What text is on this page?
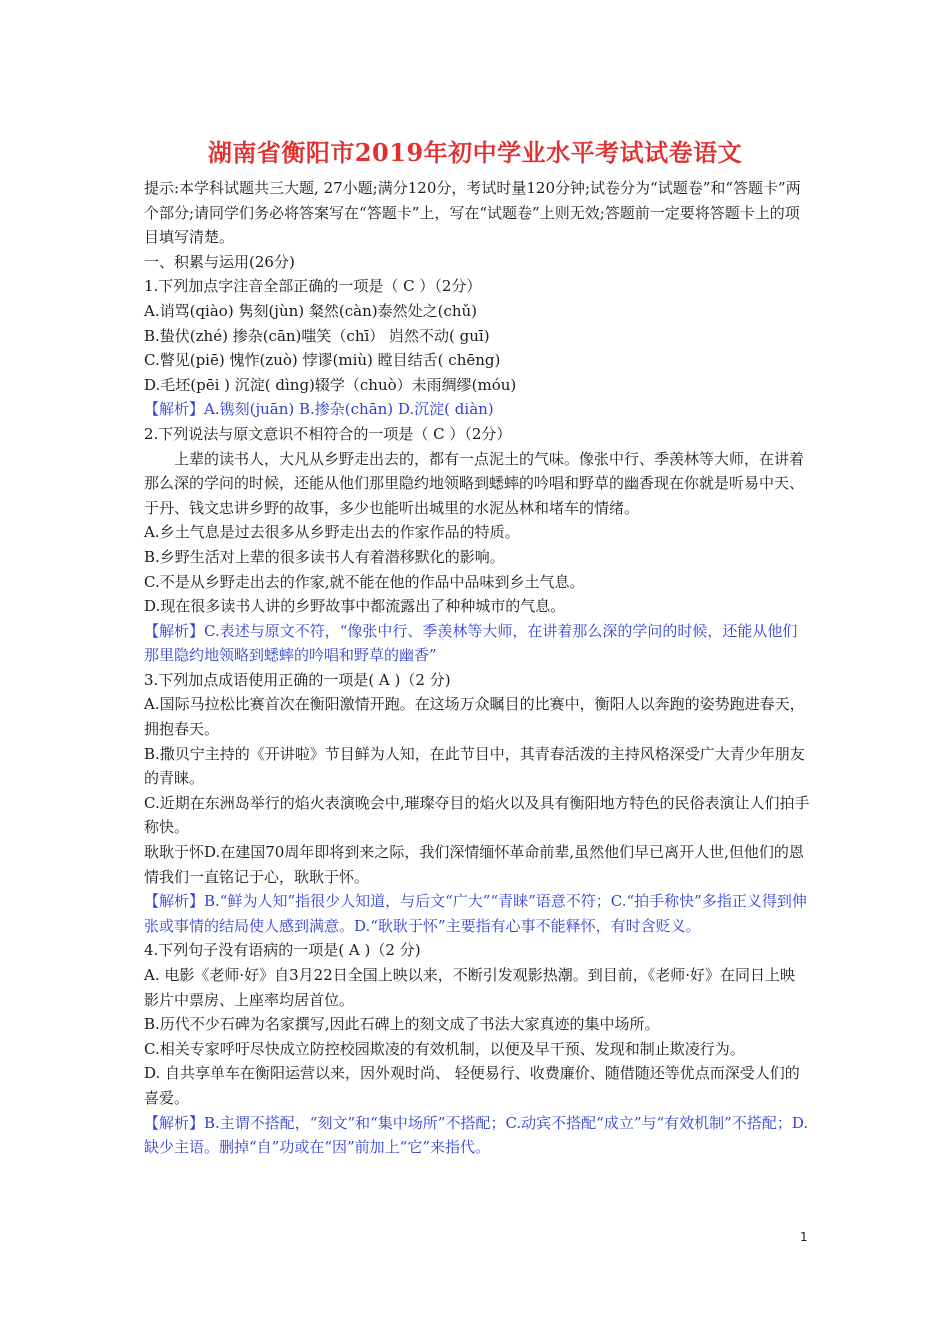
湖南省衡阳市2019年初中学业水平考试试卷语文

提示:本学科试题共三大题, 27小题;满分120分，考试时量120分钟;试卷分为“试题卷”和“答题卡”两个部分;请同学们务必将答案写在“答题卡”上，写在“试题卷”上则无效;答题前一定要将答题卡上的项目填写清楚。

一、积累与运用(26分)

1.下列加点字注音全部正确的一项是（ C ）（2分）

A.诮骂(qiào) 隽刻(jùn) 粲然(càn)泰然处之(chǔ)

B.蛰伏(zhé) 掺杂(cān)嗤笑（chī） 岿然不动( guī)

C.瞥见(piē) 愧怍(zuò) 悖谬(miù) 瞠目结舌( chēng)

D.毛坯(pēi ) 沉淀( dìng)辍学（chuò）未雨绸缪(móu)

【解析】A.镌刻(juān) B.掺杂(chān) D.沉淀( diàn)

2.下列说法与原文意识不相符合的一项是（ C ）（2分）

上辈的读书人，大凡从乡野走出去的，都有一点泥土的气味。像张中行、季羡林等大师，在讲着那么深的学问的时候，还能从他们那里隐约地领略到蟋蟀的吟唱和野草的幽香现在你就是听易中天、于丹、钱文忠讲乡野的故事，多少也能听出城里的水泥丛林和堵车的情绪。

A.乡土气息是过去很多从乡野走出去的作家作品的特质。

B.乡野生活对上辈的很多读书人有着潜移默化的影响。

C.不是从乡野走出去的作家,就不能在他的作品中品味到乡土气息。

D.现在很多读书人讲的乡野故事中都流露出了种种城市的气息。

【解析】C.表述与原文不符，“像张中行、季羡林等大师，在讲着那么深的学问的时候，还能从他们那里隐约地领略到蟋蟀的吟唱和野草的幽香”

3.下列加点成语使用正确的一项是( A )（2 分)

A.国际马拉松比赛首次在衡阳激情开跑。在这场万众瞩目的比赛中，衡阳人以奔跑的姿势跑进春天，拥抱春天。

B.撒贝宁主持的《开讲啦》节目鲜为人知，在此节目中，其青春活泼的主持风格深受广大青少年朋友的青睐。

C.近期在东洲岛举行的焰火表演晚会中,璀璨夺目的焰火以及具有衡阳地方特色的民俗表演让人们拍手称快。

耿耿于怀D.在建国70周年即将到来之际，我们深情缅怀革命前辈,虽然他们早已离开人世,但他们的恩情我们一直铭记于心，耿耿于怀。

【解析】B.“鲜为人知”指很少人知道，与后文“广大”“青睐”语意不符；C.“拍手称快”多指正义得到伸张或事情的结局使人感到满意。D.“耿耿于怀”主要指有心事不能释怀，有时含贬义。

4.下列句子没有语病的一项是( A )（2 分)

A. 电影《老师·好》自3月22日全国上映以来，不断引发观影热潮。到目前，《老师·好》在同日上映影片中票房、上座率均居首位。

B.历代不少石碑为名家撰写,因此石碑上的刻文成了书法大家真迹的集中场所。

C.相关专家呼吁尽快成立防控校园欺凌的有效机制，以便及早干预、发现和制止欺凌行为。

D. 自共享单车在衡阳运营以来，因外观时尚、 轻便易行、收费廉价、随借随还等优点而深受人们的喜爱。

【解析】B.主谓不搭配，“刻文”和“集中场所”不搭配；C.动宾不搭配“成立”与“有效机制”不搭配；D.缺少主语。删掉“自”功或在“因”前加上“它”来指代。

1
